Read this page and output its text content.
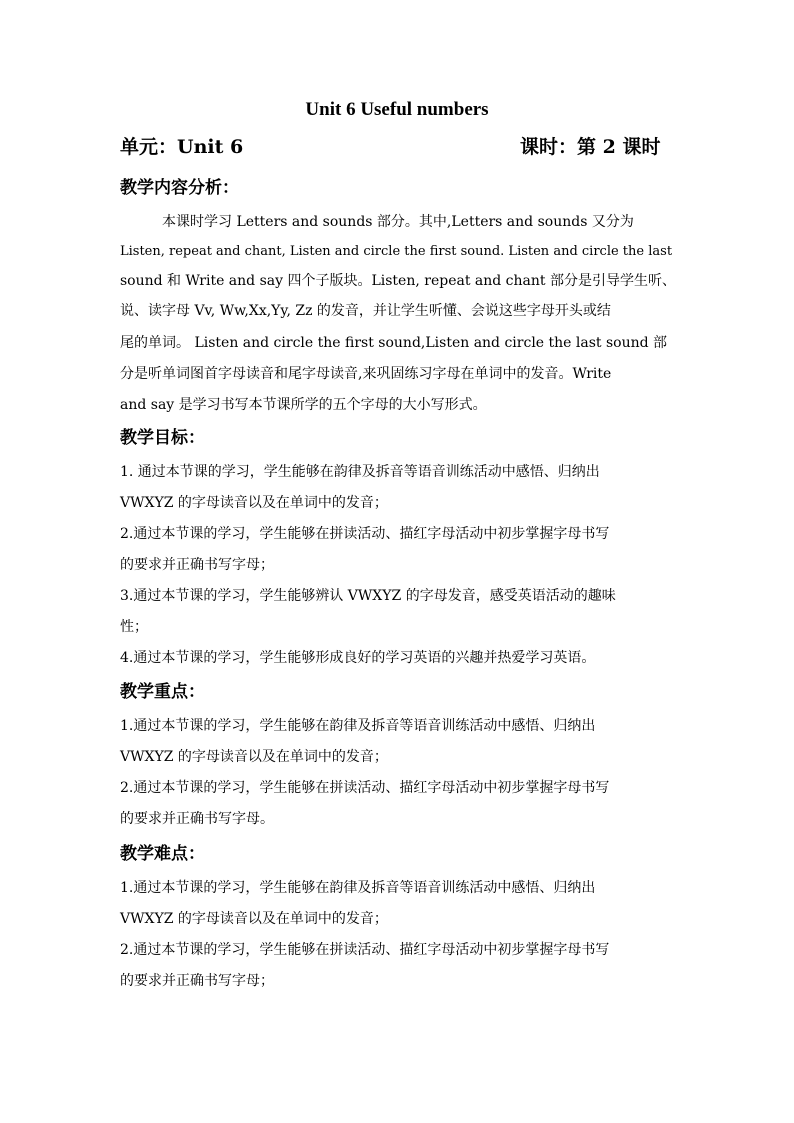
Unit 6 Useful numbers
单元：Unit 6	课时：第 2 课时
教学内容分析：
本课时学习 Letters and sounds 部分。其中,Letters and sounds 又分为
Listen, repeat and chant, Listen and circle the first sound. Listen and circle the last
sound 和 Write and say 四个子版块。Listen, repeat and chant 部分是引导学生听、
说、读字母 Vv, Ww,Xx,Yy, Zz 的发音，并让学生听懂、会说这些字母开头或结
尾的单词。 Listen and circle the first sound,Listen and circle the last sound 部
分是听单词图首字母读音和尾字母读音,来巩固练习字母在单词中的发音。Write
and say 是学习书写本节课所学的五个字母的大小写形式。
教学目标：
1. 通过本节课的学习，学生能够在韵律及拆音等语音训练活动中感悟、归纳出
VWXYZ 的字母读音以及在单词中的发音；
2.通过本节课的学习，学生能够在拼读活动、描红字母活动中初步掌握字母书写
的要求并正确书写字母；
3.通过本节课的学习，学生能够辨认 VWXYZ 的字母发音，感受英语活动的趣味
性；
4.通过本节课的学习，学生能够形成良好的学习英语的兴趣并热爱学习英语。
教学重点：
1.通过本节课的学习，学生能够在韵律及拆音等语音训练活动中感悟、归纳出
VWXYZ 的字母读音以及在单词中的发音；
2.通过本节课的学习，学生能够在拼读活动、描红字母活动中初步掌握字母书写
的要求并正确书写字母。
教学难点：
1.通过本节课的学习，学生能够在韵律及拆音等语音训练活动中感悟、归纳出
VWXYZ 的字母读音以及在单词中的发音；
2.通过本节课的学习，学生能够在拼读活动、描红字母活动中初步掌握字母书写
的要求并正确书写字母；
